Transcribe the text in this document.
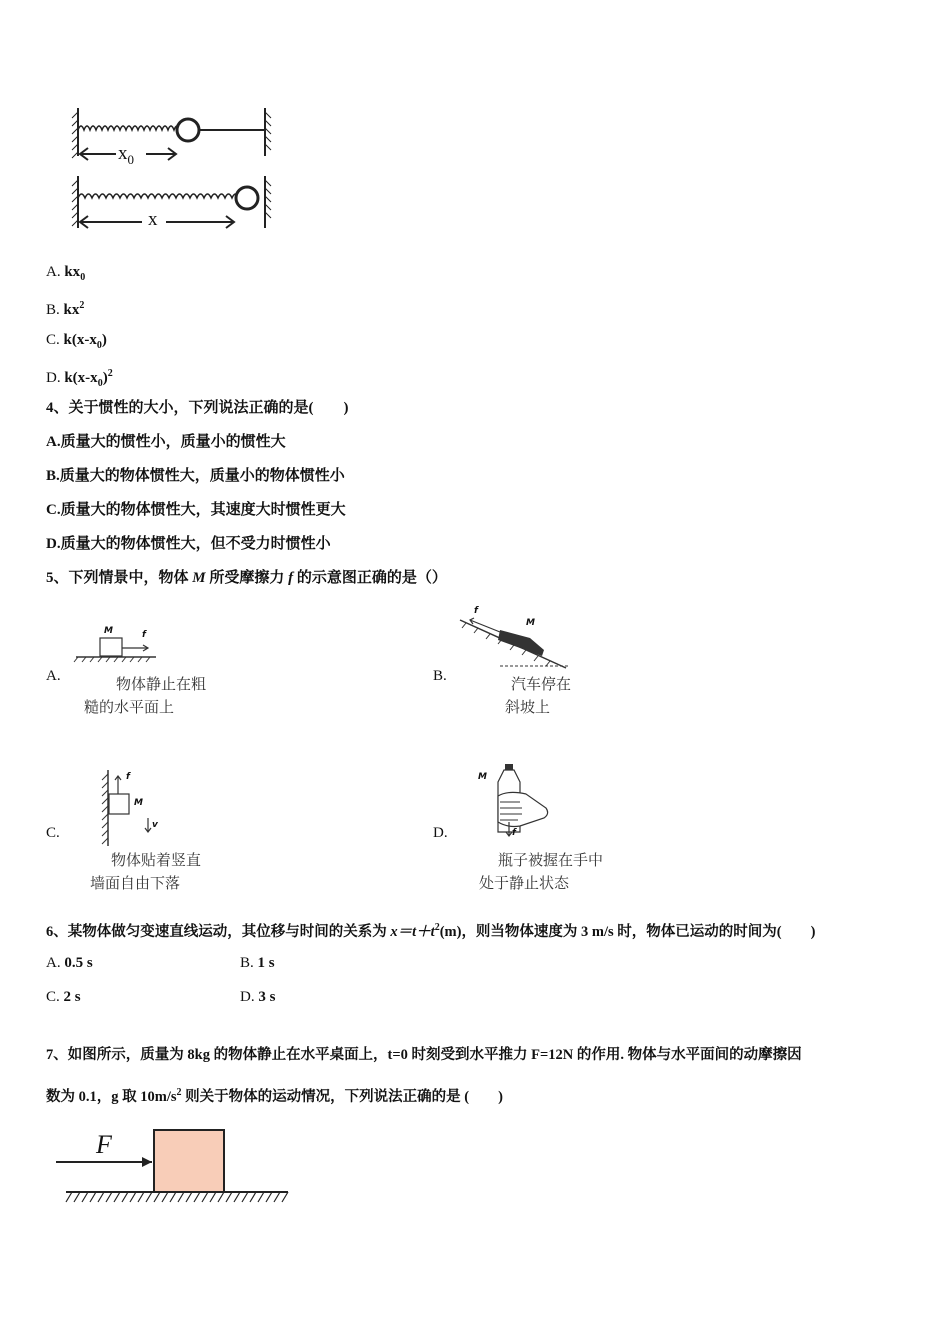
$x_0$
x
A. $kx_0$
B. $kx^2$
C. $k(x-x_0)$
D. $k(x-x_0)^2$
4、关于惯性的大小，下列说法正确的是(　　)
A.质量大的惯性小，质量小的惯性大
B.质量大的物体惯性大，质量小的物体惯性小
C.质量大的物体惯性大，其速度大时惯性更大
D.质量大的物体惯性大，但不受力时惯性小
5、下列情景中，物体 M 所受摩擦力 f 的示意图正确的是（）
A.
M	f
物体静止在粗
糙的水平面上
B.
f
M
汽车停在
斜坡上
C.
f
M
v
物体贴着竖直
墙面自由下落
D.
M
f
瓶子被握在手中
处于静止状态
6、某物体做匀变速直线运动，其位移与时间的关系为 $x=t+t^2(m)$，则当物体速度为 3 m/s 时，物体已运动的时间为(　　)
A. 0.5 s	B. 1 s
C. 2 s	D. 3 s
7、如图所示，质量为 8kg 的物体静止在水平桌面上，t=0 时刻受到水平推力 F=12N 的作用. 物体与水平面间的动摩擦因
数为 0.1，g 取 $10m/s^2$ 则关于物体的运动情况，下列说法正确的是 (　　)
F
